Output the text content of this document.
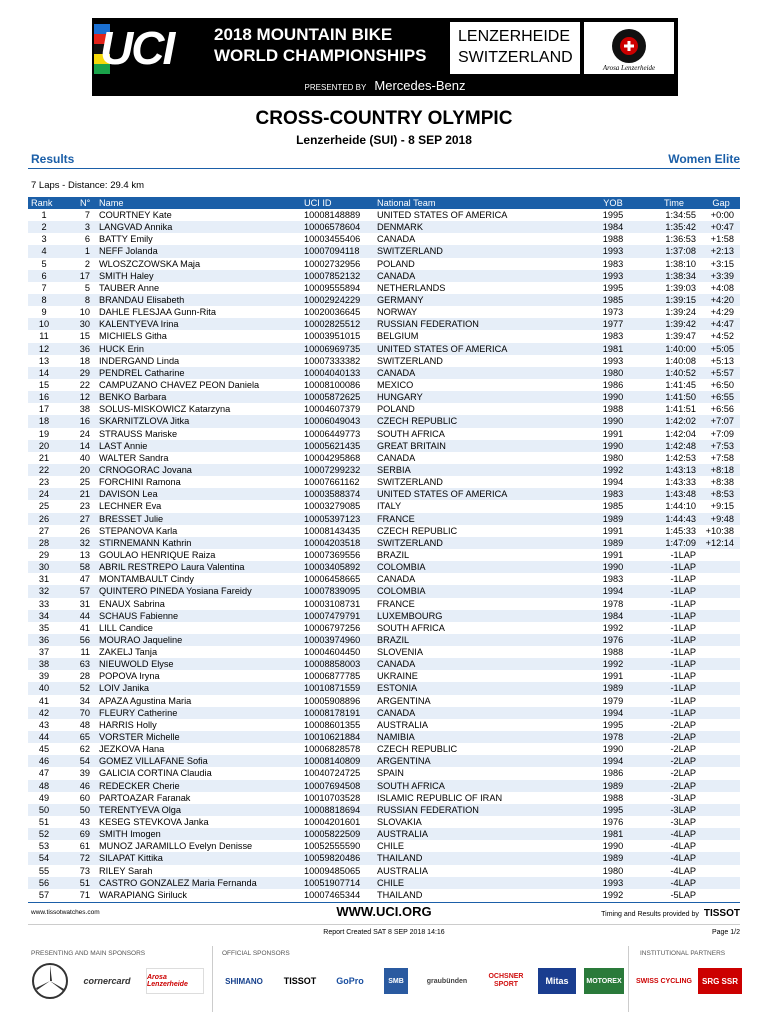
UCI 2018 MOUNTAIN BIKE
WORLD CHAMPIONSHIPS
LENZERHEIDE
SWITZERLAND
Arosa Lenzerheide
PRESENTED BY Mercedes-Benz
CROSS-COUNTRY OLYMPIC
Lenzerheide (SUI) - 8 SEP 2018
Results	Women Elite
7 Laps - Distance: 29.4 km
Rank	N° Name	UCI ID	National Team	YOB	Time	Gap
1	7 COURTNEY Kate	10008148889 UNITED STATES OF AMERICA	1995	1:34:55	+0:00
2	3 LANGVAD Annika	10006578604 DENMARK	1984	1:35:42	+0:47
3	6 BATTY Emily	10003455406 CANADA	1988	1:36:53	+1:58
4	1 NEFF Jolanda	10007094118 SWITZERLAND	1993	1:37:08	+2:13
5	2 WLOSZCZOWSKA Maja	10002732956 POLAND	1983	1:38:10	+3:15
6	17 SMITH Haley	10007852132 CANADA	1993	1:38:34	+3:39
7	5 TAUBER Anne	10009555894 NETHERLANDS	1995	1:39:03	+4:08
8	8 BRANDAU Elisabeth	10002924229 GERMANY	1985	1:39:15	+4:20
9	10 DAHLE FLESJAA Gunn-Rita	10020036645 NORWAY	1973	1:39:24	+4:29
10	30 KALENTYEVA Irina	10002825512 RUSSIAN FEDERATION	1977	1:39:42	+4:47
11	15 MICHIELS Githa	10003951015 BELGIUM	1983	1:39:47	+4:52
12	36 HUCK Erin	10006969735 UNITED STATES OF AMERICA	1981	1:40:00	+5:05
13	18 INDERGAND Linda	10007333382 SWITZERLAND	1993	1:40:08	+5:13
14	29 PENDREL Catharine	10004040133 CANADA	1980	1:40:52	+5:57
15	22 CAMPUZANO CHAVEZ PEON Daniela	10008100086 MEXICO	1986	1:41:45	+6:50
16	12 BENKO Barbara	10005872625 HUNGARY	1990	1:41:50	+6:55
17	38 SOLUS-MISKOWICZ Katarzyna	10004607379 POLAND	1988	1:41:51	+6:56
18	16 SKARNITZLOVA Jitka	10006049043 CZECH REPUBLIC	1990	1:42:02	+7:07
19	24 STRAUSS Mariske	10006449773 SOUTH AFRICA	1991	1:42:04	+7:09
20	14 LAST Annie	10005621435 GREAT BRITAIN	1990	1:42:48	+7:53
21	40 WALTER Sandra	10004295868 CANADA	1980	1:42:53	+7:58
22	20 CRNOGORAC Jovana	10007299232 SERBIA	1992	1:43:13	+8:18
23	25 FORCHINI Ramona	10007661162 SWITZERLAND	1994	1:43:33	+8:38
24	21 DAVISON Lea	10003588374 UNITED STATES OF AMERICA	1983	1:43:48	+8:53
25	23 LECHNER Eva	10003279085 ITALY	1985	1:44:10	+9:15
26	27 BRESSET Julie	10005397123 FRANCE	1989	1:44:43	+9:48
27	26 STEPANOVA Karla	10008143435 CZECH REPUBLIC	1991	1:45:33	+10:38
28	32 STIRNEMANN Kathrin	10004203518 SWITZERLAND	1989	1:47:09	+12:14
29	13 GOULAO HENRIQUE Raiza	10007369556 BRAZIL	1991	-1LAP
30	58 ABRIL RESTREPO Laura Valentina	10003405892 COLOMBIA	1990	-1LAP
31	47 MONTAMBAULT Cindy	10006458665 CANADA	1983	-1LAP
32	57 QUINTERO PINEDA Yosiana Fareidy	10007839095 COLOMBIA	1994	-1LAP
33	31 ENAUX Sabrina	10003108731 FRANCE	1978	-1LAP
34	44 SCHAUS Fabienne	10007479791 LUXEMBOURG	1984	-1LAP
35	41 LILL Candice	10006797256 SOUTH AFRICA	1992	-1LAP
36	56 MOURAO Jaqueline	10003974960 BRAZIL	1976	-1LAP
37	11 ZAKELJ Tanja	10004604450 SLOVENIA	1988	-1LAP
38	63 NIEUWOLD Elyse	10008858003 CANADA	1992	-1LAP
39	28 POPOVA Iryna	10006877785 UKRAINE	1991	-1LAP
40	52 LOIV Janika	10010871559 ESTONIA	1989	-1LAP
41	34 APAZA Agustina Maria	10005908896 ARGENTINA	1979	-1LAP
42	70 FLEURY Catherine	10008178191 CANADA	1994	-1LAP
43	48 HARRIS Holly	10008601355 AUSTRALIA	1995	-2LAP
44	65 VORSTER Michelle	10010621884 NAMIBIA	1978	-2LAP
45	62 JEZKOVA Hana	10006828578 CZECH REPUBLIC	1990	-2LAP
46	54 GOMEZ VILLAFANE Sofia	10008140809 ARGENTINA	1994	-2LAP
47	39 GALICIA CORTINA Claudia	10040724725 SPAIN	1986	-2LAP
48	46 REDECKER Cherie	10007694508 SOUTH AFRICA	1989	-2LAP
49	60 PARTOAZAR Faranak	10010703528 ISLAMIC REPUBLIC OF IRAN	1988	-3LAP
50	50 TERENTYEVA Olga	10008818694 RUSSIAN FEDERATION	1995	-3LAP
51	43 KESEG STEVKOVA Janka	10004201601 SLOVAKIA	1976	-3LAP
52	69 SMITH Imogen	10005822509 AUSTRALIA	1981	-4LAP
53	61 MUNOZ JARAMILLO Evelyn Denisse	10052555590 CHILE	1990	-4LAP
54	72 SILAPAT Kittika	10059820486 THAILAND	1989	-4LAP
55	73 RILEY Sarah	10009485065 AUSTRALIA	1980	-4LAP
56	51 CASTRO GONZALEZ Maria Fernanda	10051907714 CHILE	1993	-4LAP
57	71 WARAPIANG Siriluck	10007465344 THAILAND	1992	-5LAP
www.tissotwatches.com	WWW.UCI.ORG	Timing and Results provided by TISSOT
Report Created SAT 8 SEP 2018 14:16	Page 1/2
PRESENTING AND MAIN SPONSORS	OFFICIAL SPONSORS	INSTITUTIONAL PARTNERS
cornercard	Arosa Lenzerheide	SHIMANO	TISSOT	GoPro	SMB	graubünden
OCHSNER SPORT	Mitas	MOTOREX	SWISS CYCLING	SRG SSR
